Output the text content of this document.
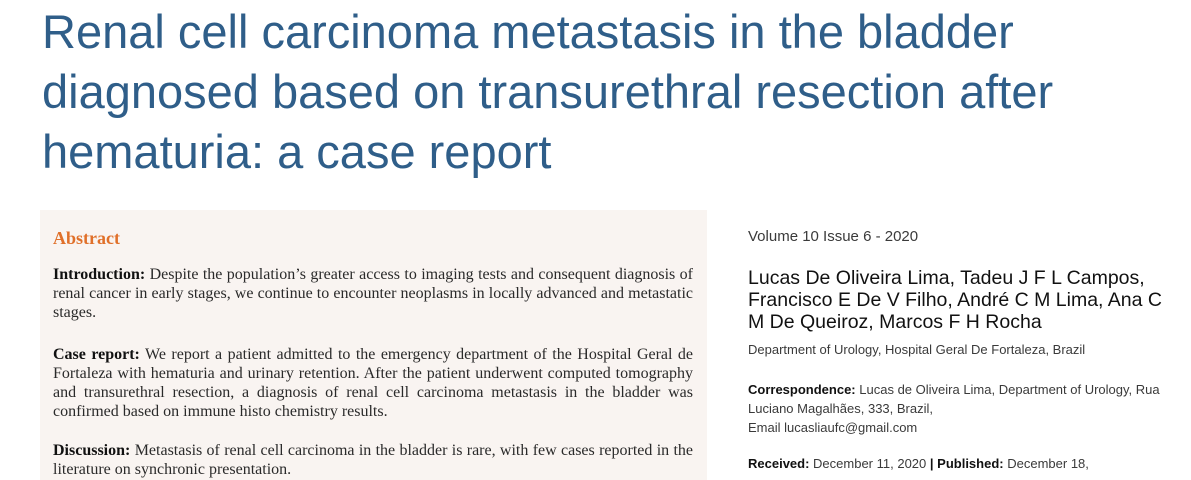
Renal cell carcinoma metastasis in the bladder diagnosed based on transurethral resection after hematuria: a case report
Abstract

Introduction: Despite the population’s greater access to imaging tests and consequent diagnosis of renal cancer in early stages, we continue to encounter neoplasms in locally advanced and metastatic stages.

Case report: We report a patient admitted to the emergency department of the Hospital Geral de Fortaleza with hematuria and urinary retention. After the patient underwent computed tomography and transurethral resection, a diagnosis of renal cell carcinoma metastasis in the bladder was confirmed based on immune histo chemistry results.

Discussion: Metastasis of renal cell carcinoma in the bladder is rare, with few cases reported in the literature on synchronic presentation.

Volume 10 Issue 6 - 2020
Lucas De Oliveira Lima, Tadeu J F L Campos, Francisco E De V Filho, André C M Lima, Ana C M De Queiroz, Marcos F H Rocha
Department of Urology, Hospital Geral De Fortaleza, Brazil
Correspondence: Lucas de Oliveira Lima, Department of Urology, Rua Luciano Magalhães, 333, Brazil,
Email lucasliaufc@gmail.com
Received: December 11, 2020 | Published: December 18,
